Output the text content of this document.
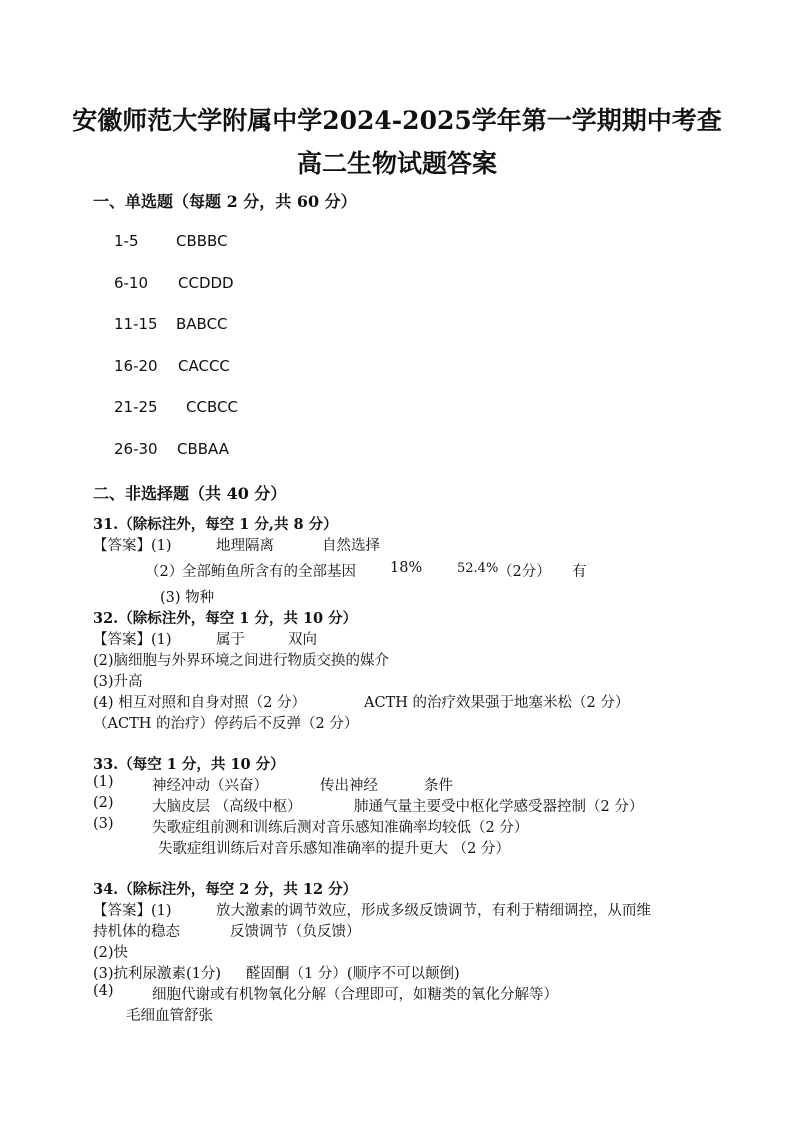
安徽师范大学附属中学2024-2025学年第一学期期中考查
高二生物试题答案
一、单选题（每题 2 分，共 60 分）
1-5	CBBBC
6-10 CCDDD
11-15 BABCC
16-20 CACCC
21-25 CCBCC
26-30 CBBAA
二、非选择题（共 40 分）
31.（除标注外，每空 1 分,共 8 分）
【答案】(1)	地理隔离	自然选择
（2）
全部鲔鱼所含有的全部基因 18%	52.4% （2分） 有
(3) 物种
32.（除标注外，每空 1 分，共 10 分）
【答案】(1)	属于	双向
(2)脑细胞与外界环境之间进行物质交换的媒介
(3)升高
(4) 相互对照和自身对照（2 分）	ACTH 的治疗效果强于地塞米松（2 分）
（ACTH 的治疗）停药后不反弹（2 分）
33.（每空 1 分，共 10 分）
(1)	神经冲动（兴奋）	传出神经	条件
(2)	大脑皮层 （高级中枢）	肺通气量主要受中枢化学感受器控制（2 分）
(3)	失歌症组前测和训练后测对音乐感知准确率均较低（2 分）
失歌症组训练后对音乐感知准确率的提升更大 （2 分）
34.（除标注外，每空 2 分，共 12 分）
【答案】(1)	放大激素的调节效应，形成多级反馈调节，有利于精细调控，从而维
持机体的稳态	反馈调节（负反馈）
(2)快
(3)抗利尿激素(1分) 醛固酮（1 分）(顺序不可以颠倒)
(4)	细胞代谢或有机物氧化分解（合理即可，如糖类的氧化分解等）
毛细血管舒张
